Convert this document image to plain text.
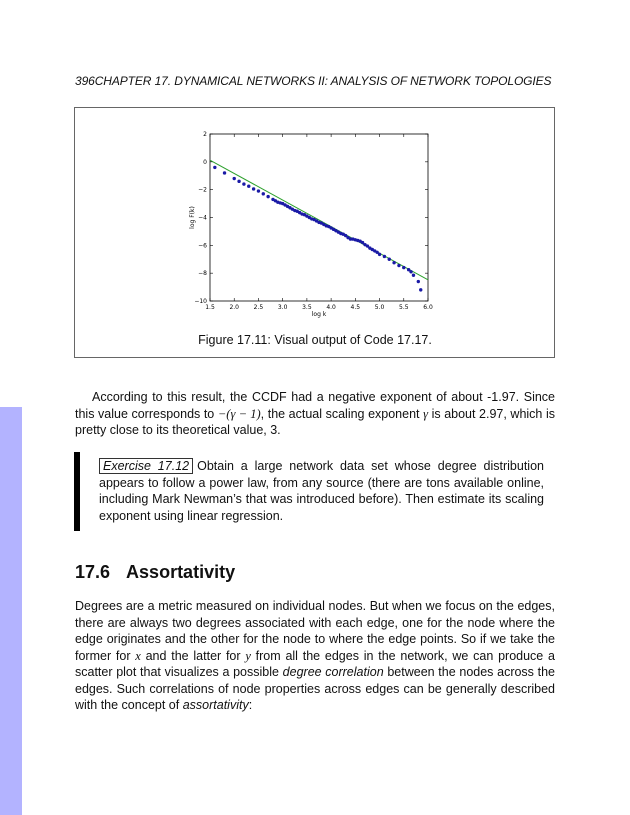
396CHAPTER 17. DYNAMICAL NETWORKS II: ANALYSIS OF NETWORK TOPOLOGIES
1.5 2.0 2.5 3.0 3.5 4.0 4.5 5.0 5.5 6.0
2
0
−2
−4
−6
−8
−10
log k
log F(k)
Figure 17.11: Visual output of Code 17.17.

According to this result, the CCDF had a negative exponent of about -1.97. Since this value corresponds to −(γ − 1), the actual scaling exponent γ is about 2.97, which is pretty close to its theoretical value, 3.

Exercise 17.12 Obtain a large network data set whose degree distribution appears to follow a power law, from any source (there are tons available online, including Mark Newman’s that was introduced before). Then estimate its scaling exponent using linear regression.
17.6 Assortativity

Degrees are a metric measured on individual nodes. But when we focus on the edges, there are always two degrees associated with each edge, one for the node where the edge originates and the other for the node to where the edge points. So if we take the former for x and the latter for y from all the edges in the network, we can produce a scatter plot that visualizes a possible degree correlation between the nodes across the edges. Such correlations of node properties across edges can be generally described with the concept of assortativity:
